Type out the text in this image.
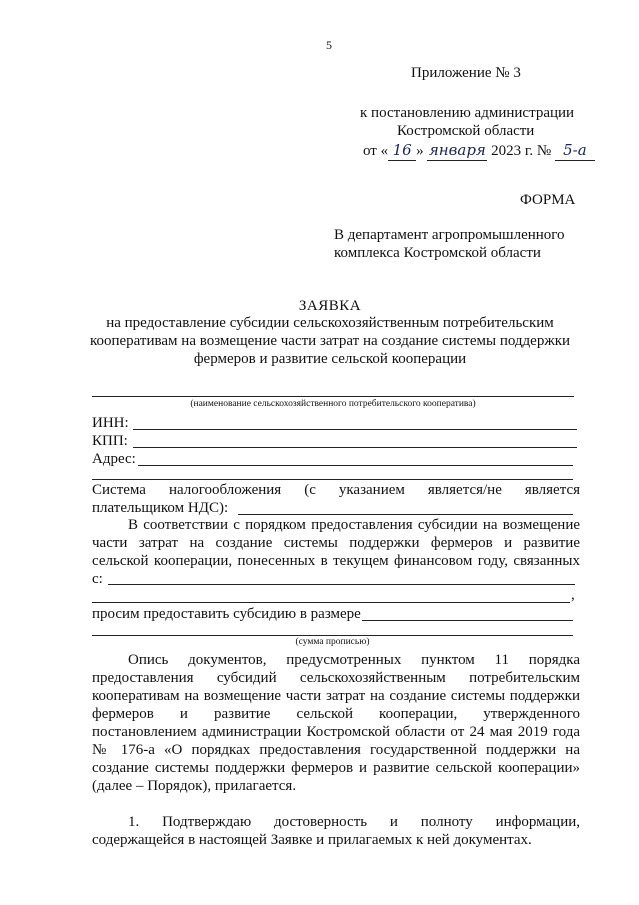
5
Приложение № 3
к постановлению администрации
Костромской области
от « 16 » января 2023 г. № 5-а
ФОРМА
В департамент агропромышленного
комплекса Костромской области
ЗАЯВКА
на предоставление субсидии сельскохозяйственным потребительским
кооперативам на возмещение части затрат на создание системы поддержки
фермеров и развитие сельской кооперации
(наименование сельскохозяйственного потребительского кооператива)
ИНН:
КПП:
Адрес:
Система налогообложения (с указанием является/не является
плательщиком НДС):
В соответствии с порядком предоставления субсидии на возмещение
части затрат на создание системы поддержки фермеров и развитие
сельской кооперации, понесенных в текущем финансовом году, связанных
с:
,
просим предоставить субсидию в размере
(сумма прописью)
Опись документов, предусмотренных пунктом 11 порядка
предоставления субсидий сельскохозяйственным потребительским
кооперативам на возмещение части затрат на создание системы поддержки
фермеров и развитие сельской кооперации, утвержденного
постановлением администрации Костромской области от 24 мая 2019 года
№ 176-а «О порядках предоставления государственной поддержки на
создание системы поддержки фермеров и развитие сельской кооперации»
(далее – Порядок), прилагается.
1. Подтверждаю достоверность и полноту информации,
содержащейся в настоящей Заявке и прилагаемых к ней документах.
